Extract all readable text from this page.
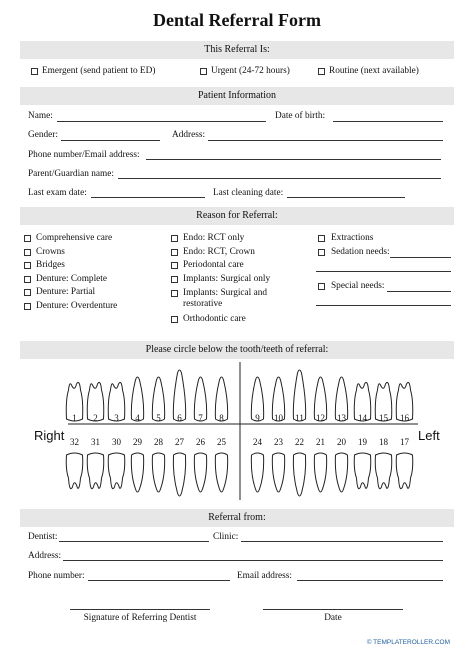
Dental Referral Form
This Referral Is:
Emergent (send patient to ED)	Urgent (24-72 hours)	Routine (next available)
Patient Information
Name:	Date of birth:
Gender:	Address:
Phone number/Email address:
Parent/Guardian name:
Last exam date:	Last cleaning date:
Reason for Referral:
Comprehensive care
Crowns
Bridges
Denture: Complete
Denture: Partial
Denture: Overdenture
Endo: RCT only
Endo: RCT, Crown
Periodontal care
Implants: Surgical only
Implants: Surgical and restorative
Orthodontic care
Extractions
Sedation needs:
Special needs:
Please circle below the tooth/teeth of referral:
Right	Left
1	2	3	4	5	6	7	8	9	10 11 12 13 14 15 16
32 31 30 29 28 27 26 25	24 23 22 21 20 19 18 17
Referral from:
Dentist:	Clinic:
Address:
Phone number:	Email address:
Signature of Referring Dentist	Date
© TEMPLATEROLLER.COM
